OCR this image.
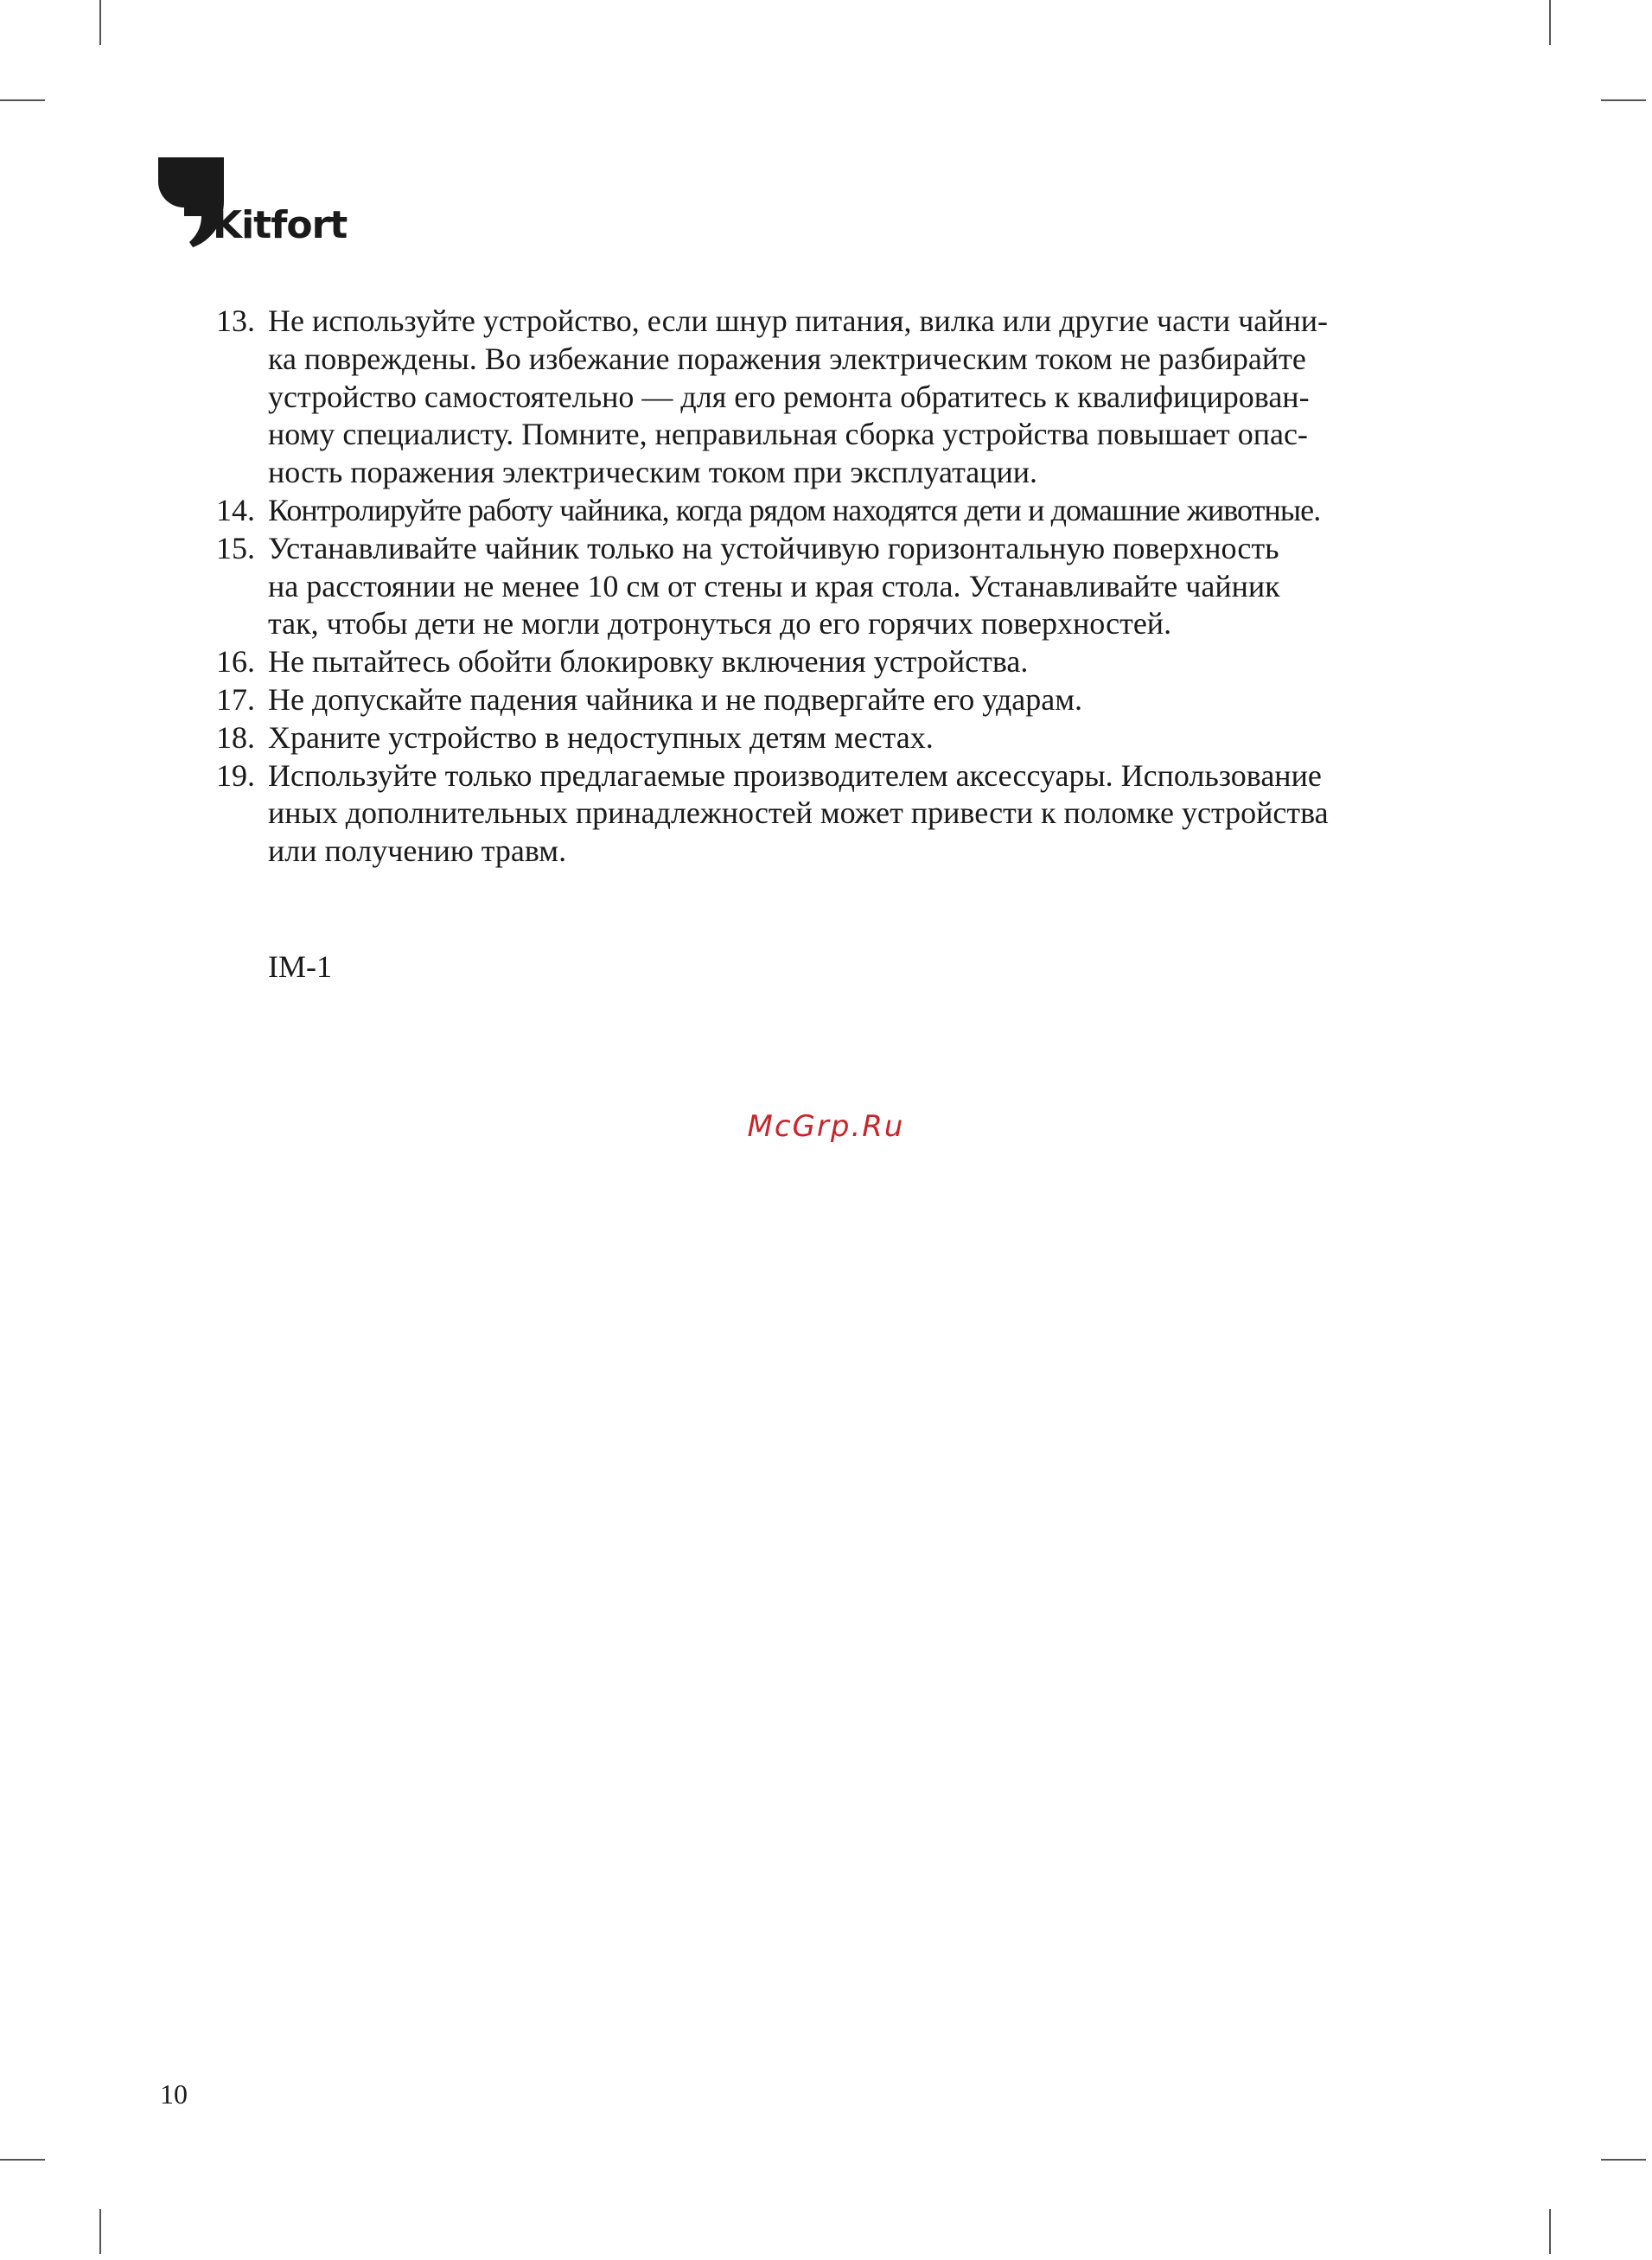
Kitfort
13. Не используйте устройство, если шнур питания, вилка или другие части чайни-
ка повреждены. Во избежание поражения электрическим током не разбирайте
устройство самостоятельно — для его ремонта обратитесь к квалифицирован-
ному специалисту. Помните, неправильная сборка устройства повышает опас-
ность поражения электрическим током при эксплуатации.
14. Контролируйте работу чайника, когда рядом находятся дети и домашние животные.
15. Устанавливайте чайник только на устойчивую горизонтальную поверхность
на расстоянии не менее 10 см от стены и края стола. Устанавливайте чайник
так, чтобы дети не могли дотронуться до его горячих поверхностей.
16. Не пытайтесь обойти блокировку включения устройства.
17. Не допускайте падения чайника и не подвергайте его ударам.
18. Храните устройство в недоступных детям местах.
19. Используйте только предлагаемые производителем аксессуары. Использование
иных дополнительных принадлежностей может привести к поломке устройства
или получению травм.
IM-1
McGrp.Ru
10
